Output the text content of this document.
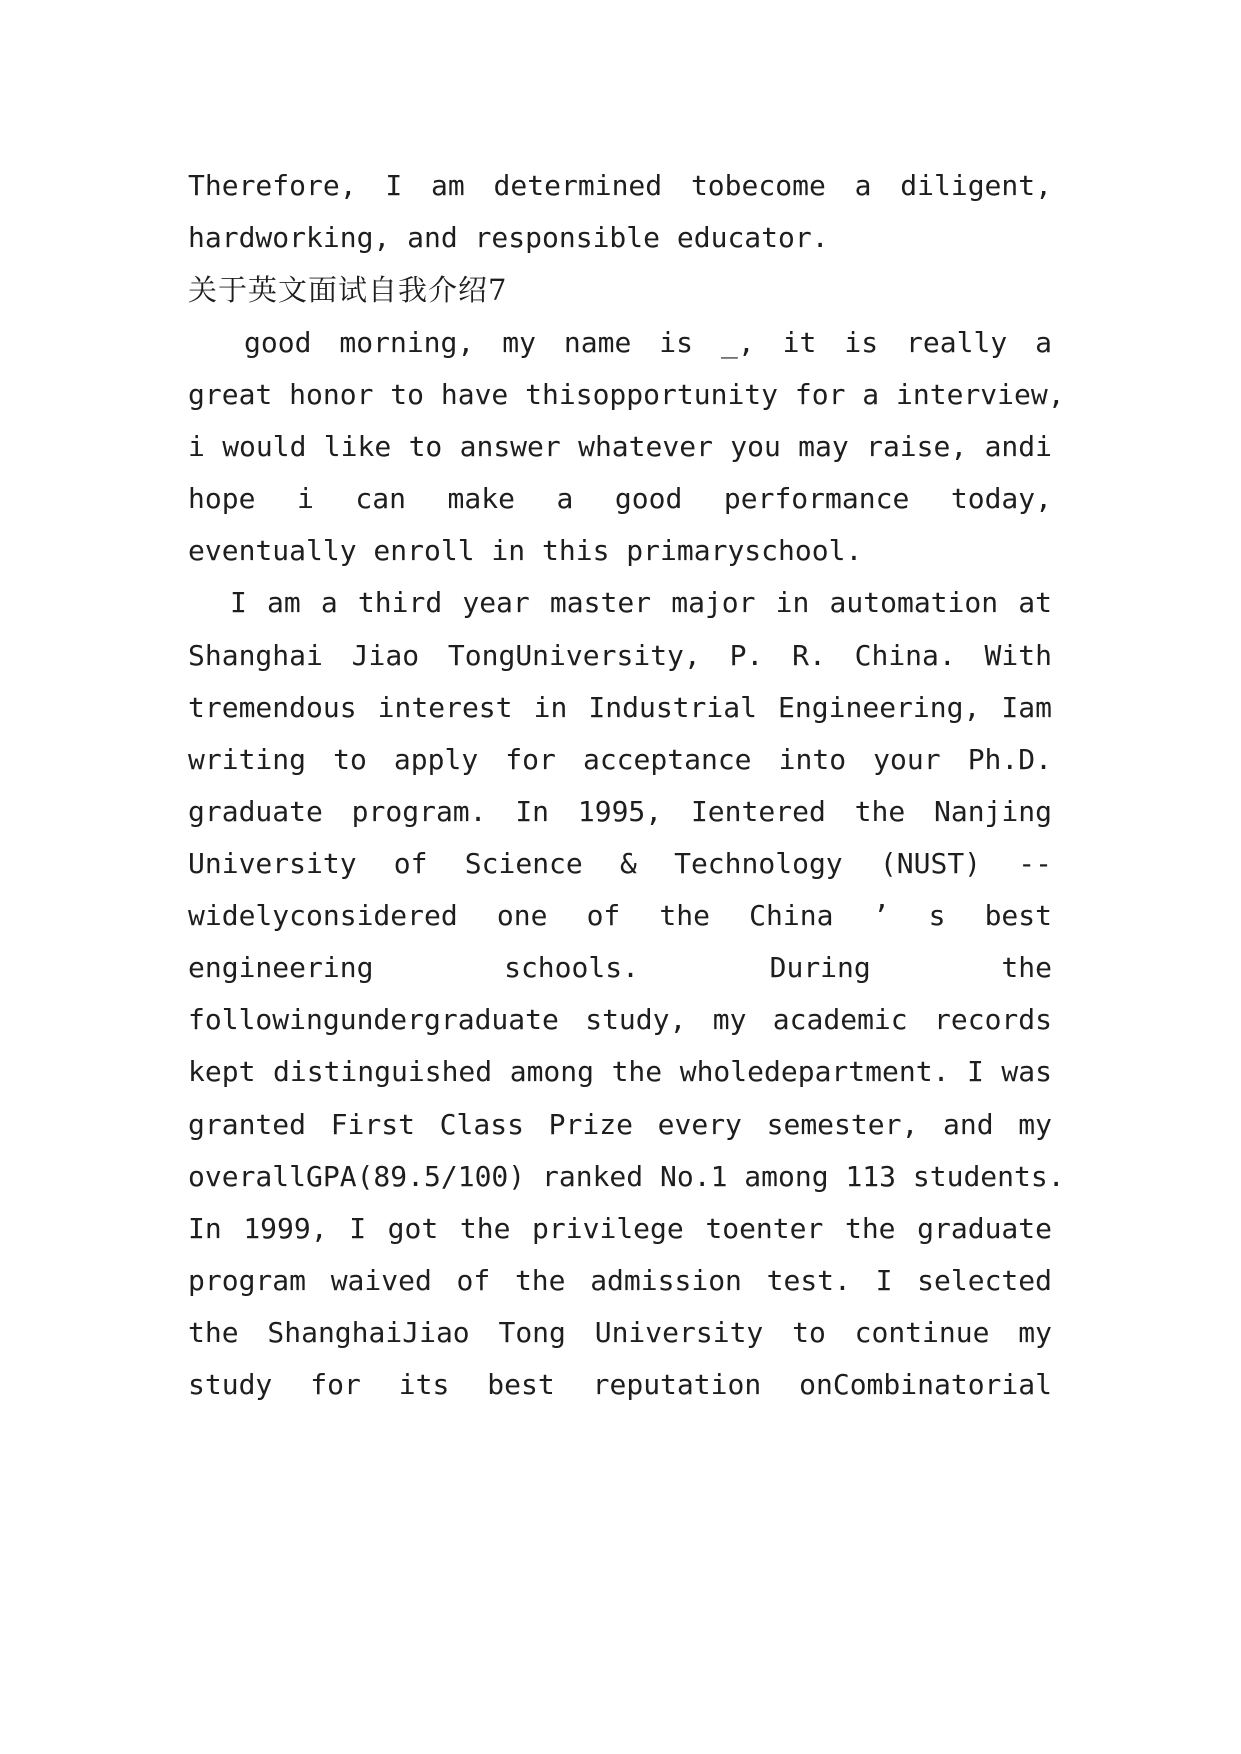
Therefore, I am determined tobecome a diligent,
hardworking, and responsible educator.
关于英文面试自我介绍7
good morning, my name is _, it is really a
great honor to have thisopportunity for a interview,
i would like to answer whatever you may raise, andi
hope i can make a good performance today,
eventually enroll in this primaryschool.
I am a third year master major in automation at
Shanghai Jiao TongUniversity, P. R. China. With
tremendous interest in Industrial Engineering, Iam
writing to apply for acceptance into your Ph.D.
graduate program. In 1995, Ientered the Nanjing
University of Science & Technology (NUST) --
widelyconsidered one of the China ’ s best
engineering schools. During the
followingundergraduate study, my academic records
kept distinguished among the wholedepartment. I was
granted First Class Prize every semester, and my
overallGPA(89.5/100) ranked No.1 among 113 students.
In 1999, I got the privilege toenter the graduate
program waived of the admission test. I selected
the ShanghaiJiao Tong University to continue my
study for its best reputation onCombinatorial
